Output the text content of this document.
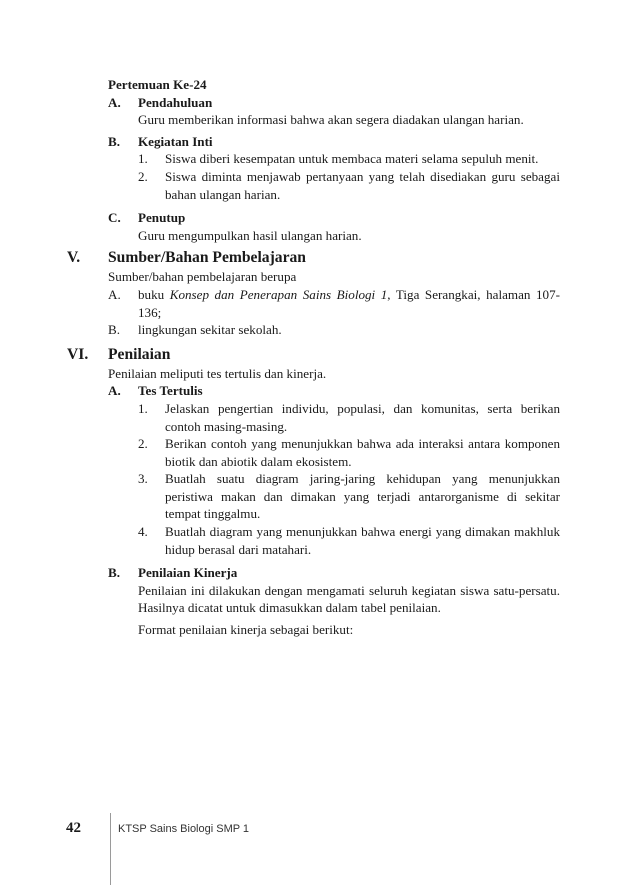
Pertemuan Ke-24
A. Pendahuluan
Guru memberikan informasi bahwa akan segera diadakan ulangan harian.
B. Kegiatan Inti
1. Siswa diberi kesempatan untuk membaca materi selama sepuluh menit.
2. Siswa diminta menjawab pertanyaan yang telah disediakan guru sebagai bahan ulangan harian.
C. Penutup
Guru mengumpulkan hasil ulangan harian.
V. Sumber/Bahan Pembelajaran
Sumber/bahan pembelajaran berupa
A. buku Konsep dan Penerapan Sains Biologi 1, Tiga Serangkai, halaman 107-136;
B. lingkungan sekitar sekolah.
VI. Penilaian
Penilaian meliputi tes tertulis dan kinerja.
A. Tes Tertulis
1. Jelaskan pengertian individu, populasi, dan komunitas, serta berikan contoh masing-masing.
2. Berikan contoh yang menunjukkan bahwa ada interaksi antara komponen biotik dan abiotik dalam ekosistem.
3. Buatlah suatu diagram jaring-jaring kehidupan yang menunjukkan peristiwa makan dan dimakan yang terjadi antarorganisme di sekitar tempat tinggalmu.
4. Buatlah diagram yang menunjukkan bahwa energi yang dimakan makhluk hidup berasal dari matahari.
B. Penilaian Kinerja
Penilaian ini dilakukan dengan mengamati seluruh kegiatan siswa satu-persatu. Hasilnya dicatat untuk dimasukkan dalam tabel penilaian.
Format penilaian kinerja sebagai berikut:
42	KTSP Sains Biologi SMP 1
